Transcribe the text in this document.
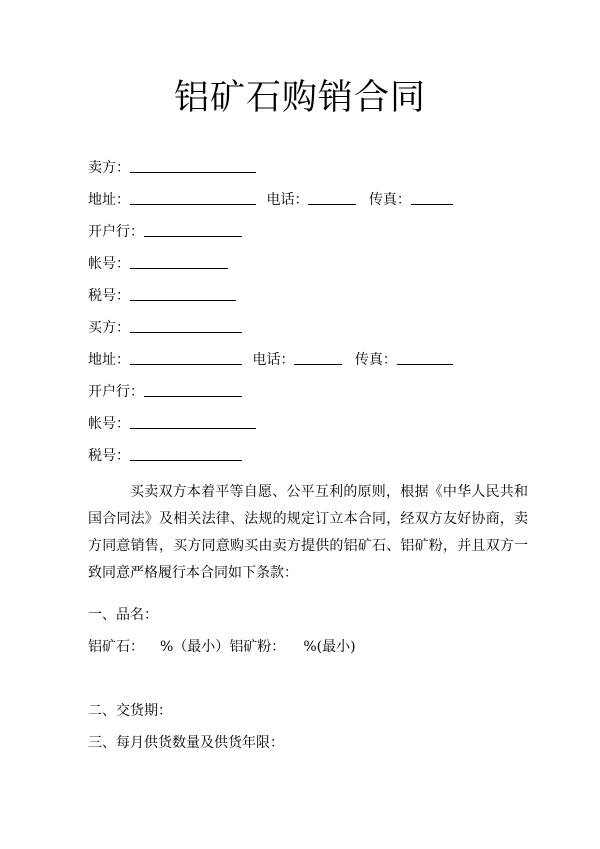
铝矿石购销合同
卖方：
地址：	电话：	传真：
开户行：
帐号：
税号：
买方：
地址：	电话：	传真：
开户行：
帐号：
税号：
买卖双方本着平等自愿、公平互利的原则，根据《中华人民共和国合同法》及相关法律、法规的规定订立本合同，经双方友好协商，卖方同意销售，买方同意购买由卖方提供的铝矿石、铝矿粉，并且双方一致同意严格履行本合同如下条款：
一、品名：
铝矿石： %（最小）铝矿粉： %(最小)
二、交货期：
三、每月供货数量及供货年限：
